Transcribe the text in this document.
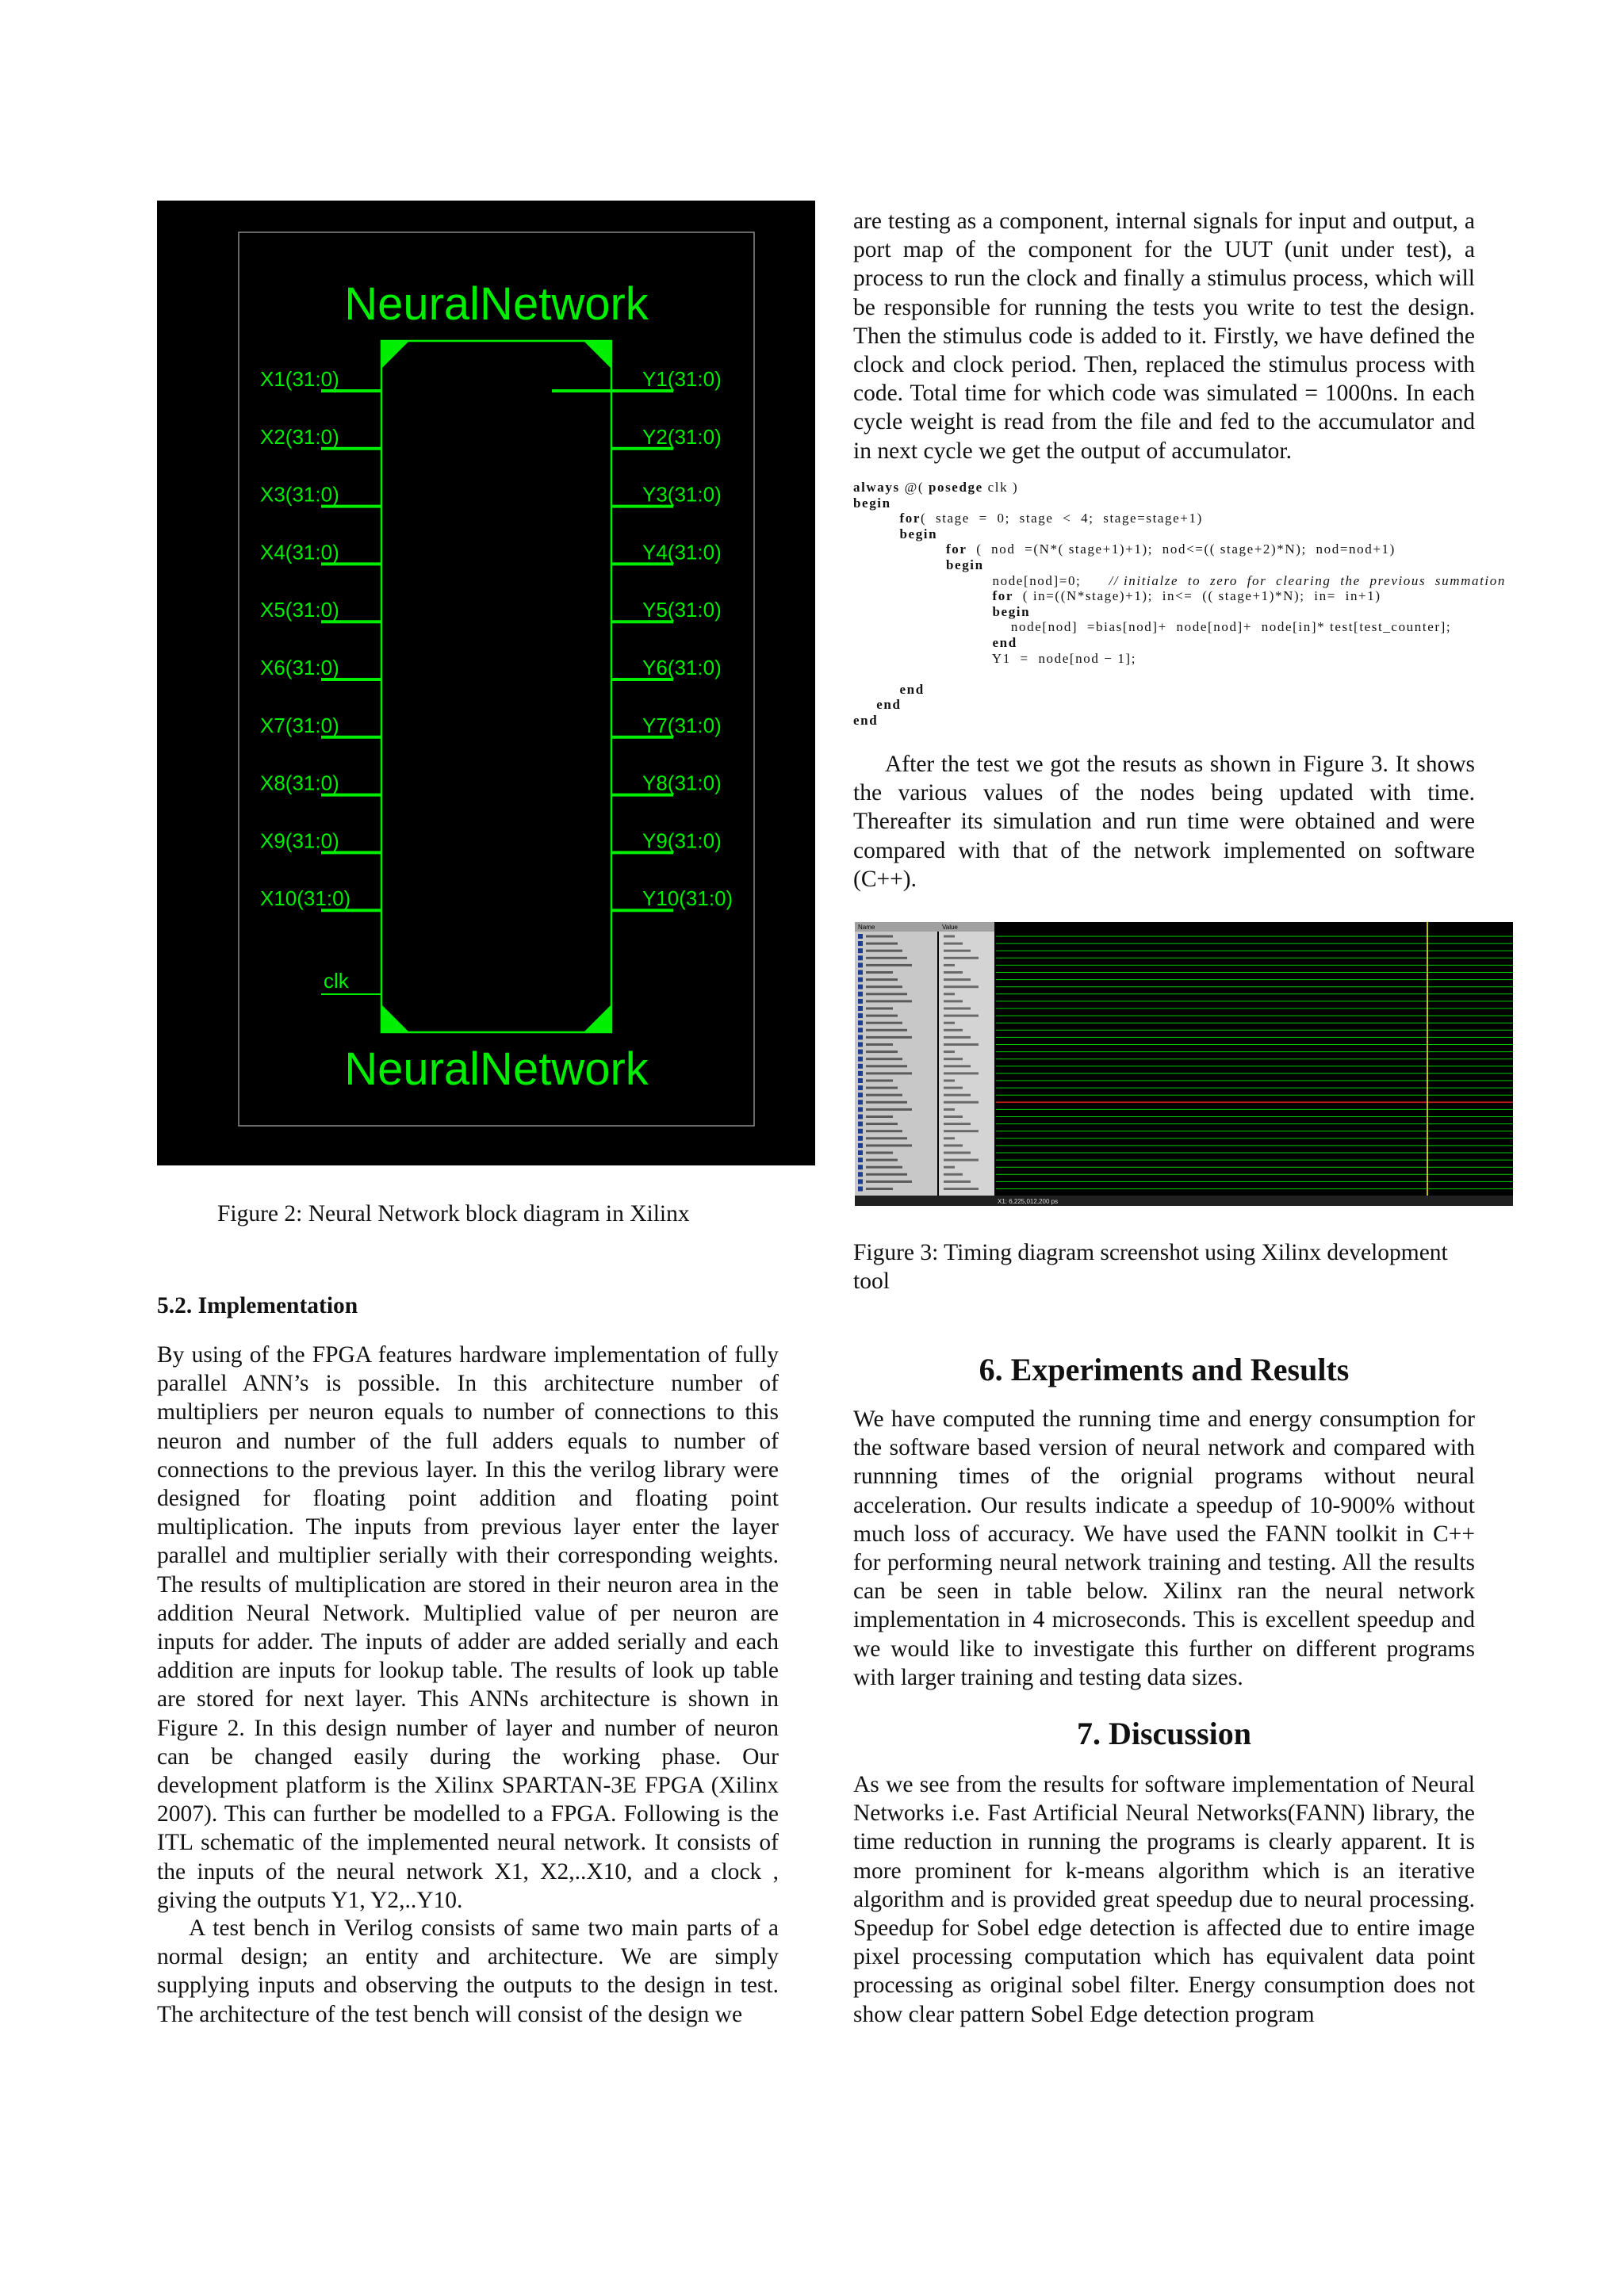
NeuralNetwork
NeuralNetwork
X1(31:0)
X2(31:0)
X3(31:0)
X4(31:0)
X5(31:0)
X6(31:0)
X7(31:0)
X8(31:0)
X9(31:0)
X10(31:0)
clk
Y1(31:0)
Y2(31:0)
Y3(31:0)
Y4(31:0)
Y5(31:0)
Y6(31:0)
Y7(31:0)
Y8(31:0)
Y9(31:0)
Y10(31:0)

Figure 2: Neural Network block diagram in Xilinx

5.2. Implementation

By using of the FPGA features hardware implementation of fully parallel ANN’s is possible. In this architecture number of multipliers per neuron equals to number of connections to this neuron and number of the full adders equals to number of connections to the previous layer. In this the verilog library were designed for floating point addition and floating point multiplication. The inputs from previous layer enter the layer parallel and multiplier serially with their corresponding weights. The results of multiplication are stored in their neuron area in the addition Neural Network. Multiplied value of per neuron are inputs for adder. The inputs of adder are added serially and each addition are inputs for lookup table. The results of look up table are stored for next layer. This ANNs architecture is shown in Figure 2. In this design number of layer and number of neuron can be changed easily during the working phase. Our development platform is the Xilinx SPARTAN-3E FPGA (Xilinx 2007). This can further be modelled to a FPGA. Following is the ITL schematic of the implemented neural network. It consists of the inputs of the neural network X1, X2,..X10, and a clock , giving the outputs Y1, Y2,..Y10.

A test bench in Verilog consists of same two main parts of a normal design; an entity and architecture. We are simply supplying inputs and observing the outputs to the design in test. The architecture of the test bench will consist of the design we

are testing as a component, internal signals for input and output, a port map of the component for the UUT (unit under test), a process to run the clock and finally a stimulus process, which will be responsible for running the tests you write to test the design. Then the stimulus code is added to it. Firstly, we have defined the clock and clock period. Then, replaced the stimulus process with code. Total time for which code was simulated = 1000ns. In each cycle weight is read from the file and fed to the accumulator and in next cycle we get the output of accumulator.

always @( posedge clk )
begin
for(  stage  =  0;  stage  <  4;  stage=stage+1)
begin
for  (  nod  =(N*( stage+1)+1);  nod<=(( stage+2)*N);  nod=nod+1)
begin
node[nod]=0;      // initialze  to  zero  for  clearing  the  previous  summation
for  ( in=((N*stage)+1);  in<=  (( stage+1)*N);  in=  in+1)
begin
node[nod]  =bias[nod]+  node[nod]+  node[in]* test[test_counter];
end
Y1  =  node[nod − 1];

end
end
end

After the test we got the resuts as shown in Figure 3. It shows the various values of the nodes being updated with time. Thereafter its simulation and run time were obtained and were compared with that of the network implemented on software (C++).

Name	Value
X1: 6,225,012,200 ps

Figure 3: Timing diagram screenshot using Xilinx development tool

6. Experiments and Results

We have computed the running time and energy consumption for the software based version of neural network and compared with runnning times of the orignial programs without neural acceleration. Our results indicate a speedup of 10-900% without much loss of accuracy. We have used the FANN toolkit in C++ for performing neural network training and testing. All the results can be seen in table below. Xilinx ran the neural network implementation in 4 microseconds. This is excellent speedup and we would like to investigate this further on different programs with larger training and testing data sizes.

7. Discussion

As we see from the results for software implementation of Neural Networks i.e. Fast Artificial Neural Networks(FANN) library, the time reduction in running the programs is clearly apparent. It is more prominent for k-means algorithm which is an iterative algorithm and is provided great speedup due to neural processing. Speedup for Sobel edge detection is affected due to entire image pixel processing computation which has equivalent data point processing as original sobel filter. Energy consumption does not show clear pattern Sobel Edge detection program
